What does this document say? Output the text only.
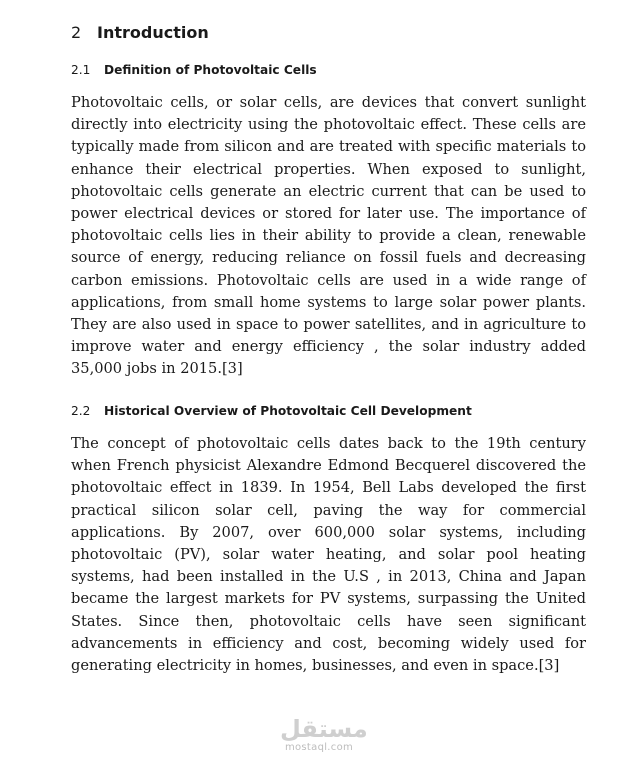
2 Introduction
2.1 Definition of Photovoltaic Cells

Photovoltaic cells, or solar cells, are devices that convert sunlight directly into electricity using the photovoltaic effect. These cells are typically made from silicon and are treated with specific materials to enhance their electrical properties. When exposed to sunlight, photovoltaic cells generate an electric current that can be used to power electrical devices or stored for later use. The importance of photovoltaic cells lies in their ability to provide a clean, renewable source of energy, reducing reliance on fossil fuels and decreasing carbon emissions. Photovoltaic cells are used in a wide range of applications, from small home systems to large solar power plants. They are also used in space to power satellites, and in agriculture to improve water and energy efficiency , the solar industry added 35,000 jobs in 2015.[3]

2.2 Historical Overview of Photovoltaic Cell Development

The concept of photovoltaic cells dates back to the 19th century when French physicist Alexandre Edmond Becquerel discovered the photovoltaic effect in 1839. In 1954, Bell Labs developed the first practical silicon solar cell, paving the way for commercial applications. By 2007, over 600,000 solar systems, including photovoltaic (PV), solar water heating, and solar pool heating systems, had been installed in the U.S , in 2013, China and Japan became the largest markets for PV systems, surpassing the United States. Since then, photovoltaic cells have seen significant advancements in efficiency and cost, becoming widely used for generating electricity in homes, businesses, and even in space.[3]

مستقل
mostaql.com
